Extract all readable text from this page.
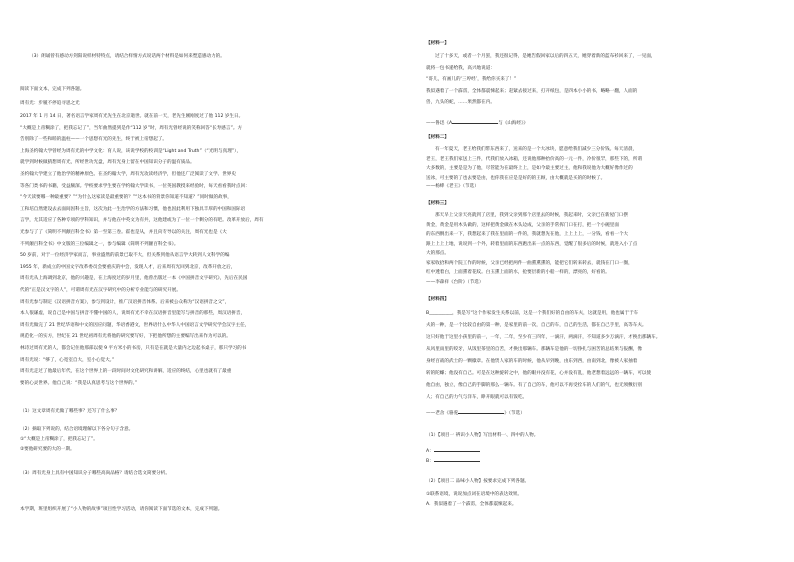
（3）朗诵曾有感动方剑阳说样材特特点，请结合样情方式说话两个材料是如何来塑造感动力的。
阅读下面文本，完成下列各题。
周有光：步履不停追寻思之光
2017 年 1 月 14 日，著名语言学家周有光先生在北京逝世。就在前一天，老先生刚刚度过了他 112 岁生日。
“大概是上帝糊涂了，把我忘记了”，当年曲然提到是作“112 岁”时，周有光曾经说的笑称回答“长寿感言”。方
告别除了一些和睦的温柱——一个思想有光的先生，终于被上帝想起了。
上海圣约翰大学曾经为周有光的中学文化：育人说，该说学校的校训是“Light and Truth”（“光明与真理”），
就学到时候做猜想周有光，所经世功光盘，周有光身上留在中国知识分子的温有质品。
圣约翰大学建立了他治学的精神原色。在圣约翰大学，周有光攻读经济学，但他还广泛阅读了文学、世界史
等各门类书的书籍，受益颇深。学校要求学生要在学约翰大学读书，一位英国教授来经验时，每天看看我时点回：
“今天读要哪一种最重要？”“为什么这家读是最重要的？”“这本书的背景你知道不知道？”同时做的故事，
工和培自然建设去去面间因科主旨，这次为此一生治学的方法和习惯，他也因此利用下独具丰厚的中国和国际语
言学，尤其适应了各种专项的学科知识，并与他在中英文为有共，这他建或为了一位一个剩分的有吧。改革开放后，周有
光参与了了《简明不列颠百科全书》第一至第三卷。霍也是从，并且向专导以的关注，周有光也是《大
不列颠百科全书》中文版的三位编辑之一，参与编辑《简明不列颠百科全书》。
50 岁前，对于一位经济学家而言，事业盛然的前景已取不大，但关系到他从语言学大转到人文科学的编
1955 年，新成立的中国文字改革委员会要重庆的中会，发现人才，后来周有光回到北京，改革开放之后，
周有光从上海调到北京，他的兴趣是，在上海度过的岁月里，他曾出版过一本《中国拼音文字研究》，先后在民国
代的“正是汉文字的人”，可谓周有光在汉字研究中的分析专业能与的研究开展。
周有光参与制定《汉语拼音方案》，参与到设计，推广汉语拼音体系。后来被公众称为“汉语拼音之父”，
本人很谦虚，说自己是中国与拼音不懂中国的人，说周有光不幸在汉语拼音里能写与拼音的那些，周汉语拼音，
周有光做完了 21 世纪华语和中文的因应问题，华语香港文，世界语什么中华人中国语言文学研究学会汉字主任，
规范化一的实方，世纪在 21 世纪初周有光将他的研究要写好，下把他所想的主要编写出来作为可以的。
林诗过周有光的人，都会记住他那部以使 9 平方米小的书房，只有是在就是大量内之边起书桌子，那只学习的书
周有光说：“够了，心宽室自大，室小心觉大。”
周有光走过了他最后年代，在这个世界上的一段时间对文化研究和讲解，适应的终结，心里也就有了最重
要的心灵世界。他自己说：“我是认真思考与这个世界的。”
（1）这文章周有光做了哪些事？还写了什么事？
（2）摘取下列说的，结合语境理解以下各分句子含意。
①“大概是上帝糊涂了，把我忘记了”。
②要他研究要的大的一期。
（3）周有光身上具有中国知识分子哪些高尚品格？请结合选文简要分析。
本学期，班里组织开展了“小人物的故事”项目性学习活动，请你阅读下面节选的文本，完成下列题。
【材料一】
过了十多天，或者一个月罢，我还很记得，是她告假回家以后的四五天，她穿着新的蓝布衫回来了，一见面，
就将一包书递给我，高兴地说道：
“哥儿，有画儿的‘三哼经’，我给你买来了！”
我似遇着了一个霹雳，全体都震悚起来；赶紧去接过来，打开纸包，是四本小小的书，略略一翻，人面的
兽，九头的蛇，……果然都在内。
——鲁迅《A	与《山海经》》
【材料二】
有一年夏天，老王给我们带东西来了，送来的是一个大冰块，愿意给我们减少三分价钱。每天清晨，
老王，老王我们家送上三件，代我们放入冰箱，还说他那种抬价高的一元一件，冷价很罕，那些下的，所谓
大多数的，主要是是为了他，尽管能为在最终上上，是如今最主要过主，他和我说他为大概好像作过的
送冰，可主要的了也去要是由，也你我在应是是好的的王顾，由大概就是买的的时候了。
——杨绛《老王》（节选）
【材料三】
那天早上父亲天亮就到了店里，我到父亲到那个店里去的时候，我起来时，父亲已在新屋门口摆
黄金，黄金是用木头做的，这样把黄金做在木头边成，父亲的手常挥门口在打，把一个小碗里面
的东西倒出来一下，我想起来了我在里面的一件的，我就想先在他，上上上上，一分钱，看看一个大
跟上上上上地，说说到一个外，转着里面的东西跑出来一点的东西，觉醒了很多后的时候，就进入小了点
大的那点。
家家收拾和两个院工作的时候，父亲已经把两件一曲熏熏熏的，能把它们转来转去，就钱在门口一圈，
红中透着白，上面熏着花纹。白玉熏上面的水，抢要层新的小船一样的，漂亮的，好看的。
——李森祥《台阶》（节选）
【材料四】
B__________，我是写“这个作家发生关系以前，这是一个我们好的自由的车夫，这就是用，他也属于于车
夫的一种，是一个比较自由的第一种，是家里的前一次，自己的车，自己的生活，都在自己手里，高等车夫。
这只好他于这里小孩里的前一，一年，二年，至少有三四年，一滴汗，两滴汗，不知道多少万滴汗，才换出那辆车。
从风里雨里的咬牙，从饭里茶里的自苦，才换出那辆车。那辆车是他的一切挣扎与困苦的总结果与报酬，像
身经百战的武士的一颗徽章。在他赁人家的车的时候，他从早到晚，由东到西，由南到北，像被人家抽着
转的陀螺；他没有自己。可是在这种旋转之中，他的眼并没有花，心并没有乱，他老想着远远的一辆车，可以使
他自由，独立，像自己的手脚的那么一辆车。有了自己的车，他可以不再受拴车的人们的气，也无须敷衍别
人；有自己的力气与洋车，睁开眼就可以有饭吃。
——老舍《骆驼	》（节选）
（1）【项目一 辨识小人物】写出材料一、四中的人物。
A：
B：
（2）【项目二 品味小人物】按要求完成下列各题。
①联系语境，说说加点词在语境中的表达效果。
A．我似遇着了一个霹雳，全体都震悚起来。
